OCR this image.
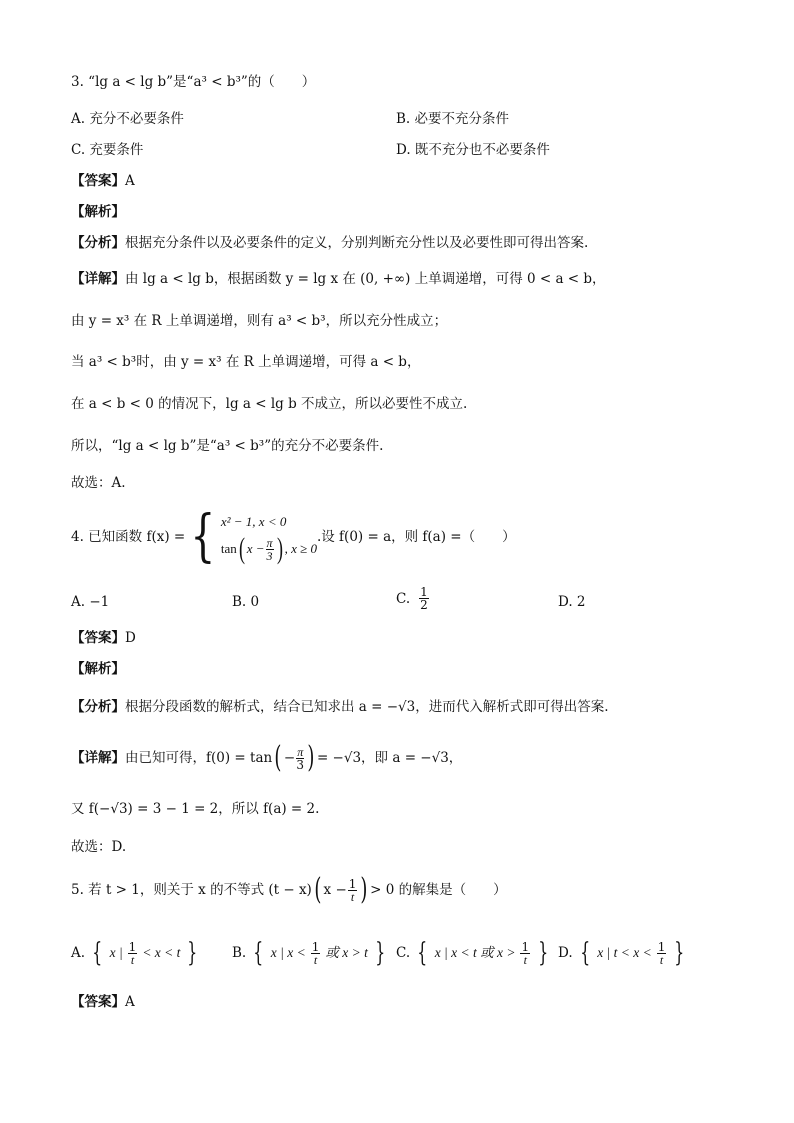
3. “lg a < lg b”是“a³ < b³”的（　　）
A. 充分不必要条件	B. 必要不充分条件
C. 充要条件	D. 既不充分也不必要条件
【答案】A
【解析】
【分析】根据充分条件以及必要条件的定义，分别判断充分性以及必要性即可得出答案.
【详解】由 lg a < lg b，根据函数 y = lg x 在 (0, +∞) 上单调递增，可得 0 < a < b，
由 y = x³ 在 R 上单调递增，则有 a³ < b³，所以充分性成立；
当 a³ < b³时，由 y = x³ 在 R 上单调递增，可得 a < b，
在 a < b < 0 的情况下，lg a < lg b 不成立，所以必要性不成立.
所以，“lg a < lg b”是“a³ < b³”的充分不必要条件.
故选：A.
4. 已知函数 f(x) = { x² − 1, x < 0
tan ( $x - \frac{\pi}{3}$ ) , x ≥ 0
.设 f(0) = a，则 f(a) =（　　）
A. −1	B. 0	C. $\frac{1}{2}$	D. 2
【答案】D
【解析】
【分析】根据分段函数的解析式，结合已知求出 a = −√3，进而代入解析式即可得出答案.
【详解】 由已知可得，f(0) = tan ( − $\frac{\pi}{3}$ ) = −√3，即 a = −√3，
又 f(−√3) = 3 − 1 = 2，所以 f(a) = 2.
故选：D.
5. 若 t > 1，则关于 x 的不等式 (t − x) ( $x - \frac{1}{t}$ ) > 0 的解集是（　　）
A. { x | $\frac{1}{t} < x < t$ }	B. { x | $x < \frac{1}{t}$ 或 x > t } C. { x | x < t 或 $x > \frac{1}{t}$ } D. { x | $t < x < \frac{1}{t}$ }
【答案】A
